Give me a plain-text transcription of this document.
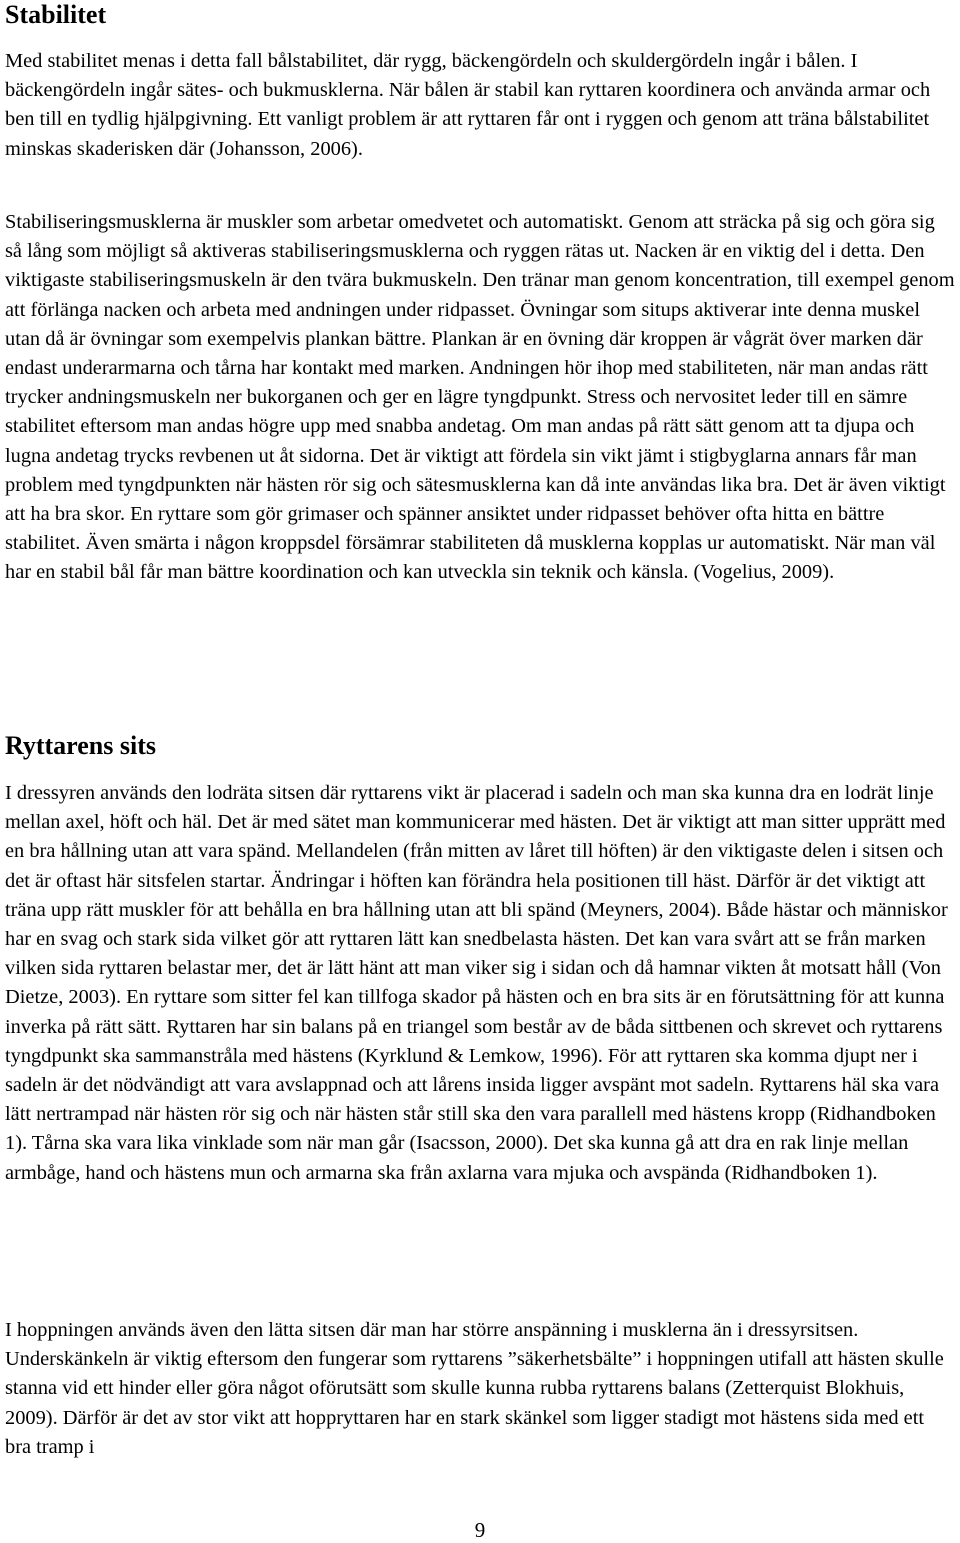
Stabilitet

Med stabilitet menas i detta fall bålstabilitet, där rygg, bäckengördeln och skuldergördeln ingår i bålen. I bäckengördeln ingår sätes- och bukmusklerna. När bålen är stabil kan ryttaren koordinera och använda armar och ben till en tydlig hjälpgivning. Ett vanligt problem är att ryttaren får ont i ryggen och genom att träna bålstabilitet minskas skaderisken där (Johansson, 2006).

Stabiliseringsmusklerna är muskler som arbetar omedvetet och automatiskt. Genom att sträcka på sig och göra sig så lång som möjligt så aktiveras stabiliseringsmusklerna och ryggen rätas ut. Nacken är en viktig del i detta. Den viktigaste stabiliseringsmuskeln är den tvära bukmuskeln. Den tränar man genom koncentration, till exempel genom att förlänga nacken och arbeta med andningen under ridpasset. Övningar som situps aktiverar inte denna muskel utan då är övningar som exempelvis plankan bättre. Plankan är en övning där kroppen är vågrät över marken där endast underarmarna och tårna har kontakt med marken. Andningen hör ihop med stabiliteten, när man andas rätt trycker andningsmuskeln ner bukorganen och ger en lägre tyngdpunkt. Stress och nervositet leder till en sämre stabilitet eftersom man andas högre upp med snabba andetag. Om man andas på rätt sätt genom att ta djupa och lugna andetag trycks revbenen ut åt sidorna. Det är viktigt att fördela sin vikt jämt i stigbyglarna annars får man problem med tyngdpunkten när hästen rör sig och sätesmusklerna kan då inte användas lika bra. Det är även viktigt att ha bra skor. En ryttare som gör grimaser och spänner ansiktet under ridpasset behöver ofta hitta en bättre stabilitet. Även smärta i någon kroppsdel försämrar stabiliteten då musklerna kopplas ur automatiskt. När man väl har en stabil bål får man bättre koordination och kan utveckla sin teknik och känsla. (Vogelius, 2009).

Ryttarens sits

I dressyren används den lodräta sitsen där ryttarens vikt är placerad i sadeln och man ska kunna dra en lodrät linje mellan axel, höft och häl. Det är med sätet man kommunicerar med hästen. Det är viktigt att man sitter upprätt med en bra hållning utan att vara spänd. Mellandelen (från mitten av låret till höften) är den viktigaste delen i sitsen och det är oftast här sitsfelen startar. Ändringar i höften kan förändra hela positionen till häst. Därför är det viktigt att träna upp rätt muskler för att behålla en bra hållning utan att bli spänd (Meyners, 2004). Både hästar och människor har en svag och stark sida vilket gör att ryttaren lätt kan snedbelasta hästen. Det kan vara svårt att se från marken vilken sida ryttaren belastar mer, det är lätt hänt att man viker sig i sidan och då hamnar vikten åt motsatt håll (Von Dietze, 2003). En ryttare som sitter fel kan tillfoga skador på hästen och en bra sits är en förutsättning för att kunna inverka på rätt sätt. Ryttaren har sin balans på en triangel som består av de båda sittbenen och skrevet och ryttarens tyngdpunkt ska sammanstråla med hästens (Kyrklund & Lemkow, 1996). För att ryttaren ska komma djupt ner i sadeln är det nödvändigt att vara avslappnad och att lårens insida ligger avspänt mot sadeln. Ryttarens häl ska vara lätt nertrampad när hästen rör sig och när hästen står still ska den vara parallell med hästens kropp (Ridhandboken 1). Tårna ska vara lika vinklade som när man går (Isacsson, 2000). Det ska kunna gå att dra en rak linje mellan armbåge, hand och hästens mun och armarna ska från axlarna vara mjuka och avspända (Ridhandboken 1).

I hoppningen används även den lätta sitsen där man har större anspänning i musklerna än i dressyrsitsen. Underskänkeln är viktig eftersom den fungerar som ryttarens ”säkerhetsbälte” i hoppningen utifall att hästen skulle stanna vid ett hinder eller göra något oförutsätt som skulle kunna rubba ryttarens balans (Zetterquist Blokhuis, 2009). Därför är det av stor vikt att hoppryttaren har en stark skänkel som ligger stadigt mot hästens sida med ett bra tramp i

9
